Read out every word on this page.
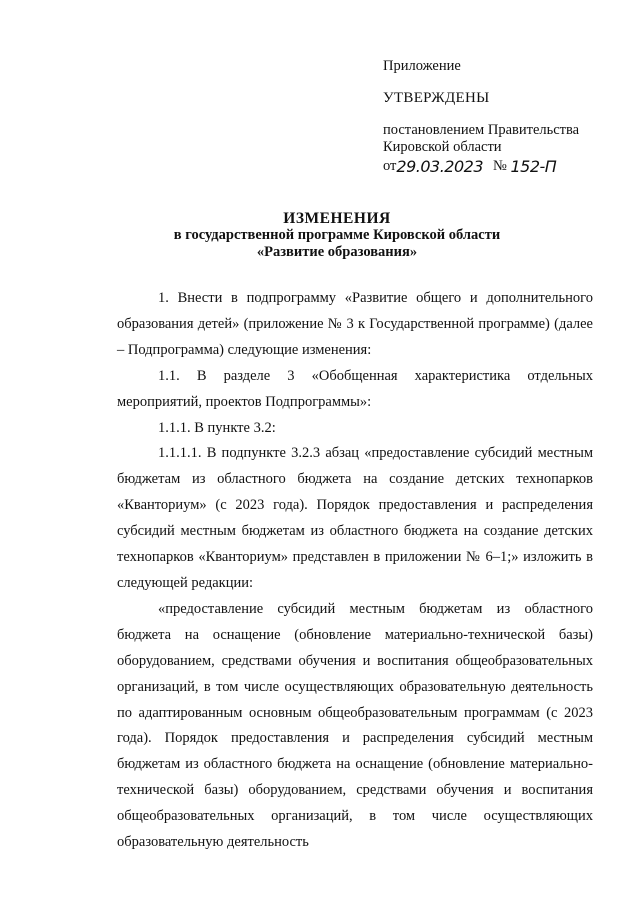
Приложение

УТВЕРЖДЕНЫ

постановлением Правительства

Кировской области

от29.03.2023 № 152-П

ИЗМЕНЕНИЯ

в государственной программе Кировской области

«Развитие образования»

1. Внести в подпрограмму «Развитие общего и дополнительного образования детей» (приложение № 3 к Государственной программе) (далее – Подпрограмма) следующие изменения:

1.1. В разделе 3 «Обобщенная характеристика отдельных мероприятий, проектов Подпрограммы»:

1.1.1. В пункте 3.2:

1.1.1.1. В подпункте 3.2.3 абзац «предоставление субсидий местным бюджетам из областного бюджета на создание детских технопарков «Кванториум» (с 2023 года). Порядок предоставления и распределения субсидий местным бюджетам из областного бюджета на создание детских технопарков «Кванториум» представлен в приложении № 6–1;» изложить в следующей редакции:

«предоставление субсидий местным бюджетам из областного бюджета на оснащение (обновление материально-технической базы) оборудованием, средствами обучения и воспитания общеобразовательных организаций, в том числе осуществляющих образовательную деятельность по адаптированным основным общеобразовательным программам (с 2023 года). Порядок предоставления и распределения субсидий местным бюджетам из областного бюджета на оснащение (обновление материально-технической базы) оборудованием, средствами обучения и воспитания общеобразовательных организаций, в том числе осуществляющих образовательную деятельность
